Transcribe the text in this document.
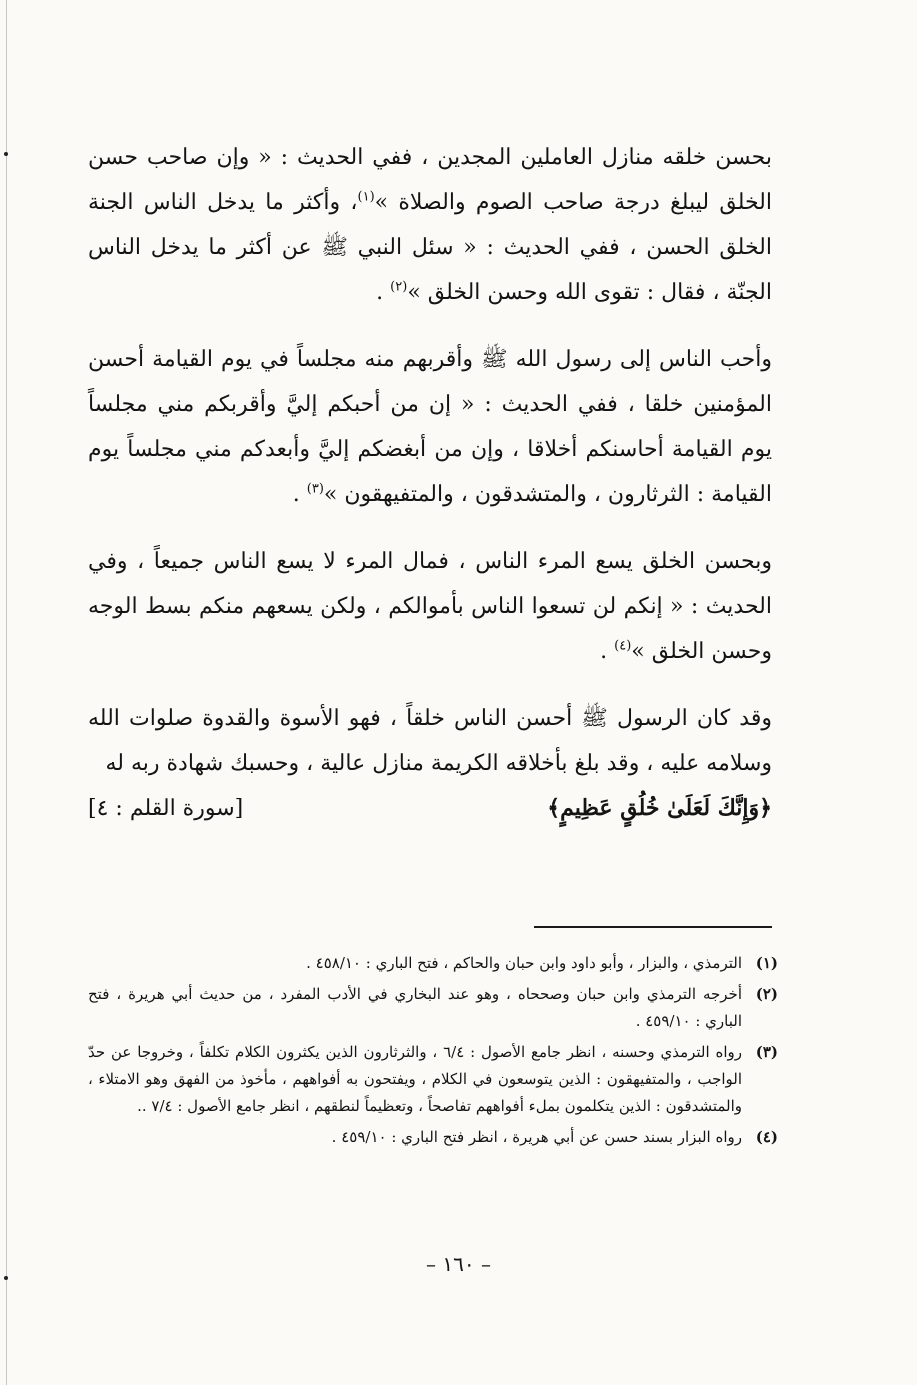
بحسن خلقه منازل العاملين المجدين ، ففي الحديث : « وإن صاحب حسن الخلق ليبلغ درجة صاحب الصوم والصلاة »$^{(١)}$، وأكثر ما يدخل الناس الجنة الخلق الحسن ، ففي الحديث : « سئل النبي ﷺ عن أكثر ما يدخل الناس الجنّة ، فقال : تقوى الله وحسن الخلق »$^{(٢)}$ .

وأحب الناس إلى رسول الله ﷺ وأقربهم منه مجلساً في يوم القيامة أحسن المؤمنين خلقا ، ففي الحديث : « إن من أحبكم إليَّ وأقربكم مني مجلساً يوم القيامة أحاسنكم أخلاقا ، وإن من أبغضكم إليَّ وأبعدكم مني مجلساً يوم القيامة : الثرثارون ، والمتشدقون ، والمتفيهقون »$^{(٣)}$ .

وبحسن الخلق يسع المرء الناس ، فمال المرء لا يسع الناس جميعاً ، وفي الحديث : « إنكم لن تسعوا الناس بأموالكم ، ولكن يسعهم منكم بسط الوجه وحسن الخلق »$^{(٤)}$ .

وقد كان الرسول ﷺ أحسن الناس خلقاً ، فهو الأسوة والقدوة صلوات الله وسلامه عليه ، وقد بلغ بأخلاقه الكريمة منازل عالية ، وحسبك شهادة ربه له

﴿وَإِنَّكَ لَعَلَىٰ خُلُقٍ عَظِيمٍ﴾
[سورة القلم : ٤]
(١)
الترمذي ، والبزار ، وأبو داود وابن حبان والحاكم ، فتح الباري : ٤٥٨/١٠ .
(٢)
أخرجه الترمذي وابن حبان وصححاه ، وهو عند البخاري في الأدب المفرد ، من حديث أبي هريرة ، فتح الباري : ٤٥٩/١٠ .
(٣)
رواه الترمذي وحسنه ، انظر جامع الأصول : ٦/٤ ، والثرثارون الذين يكثرون الكلام تكلفاً ، وخروجا عن حدّ الواجب ، والمتفيهقون : الذين يتوسعون في الكلام ، ويفتحون به أفواههم ، مأخوذ من الفهق وهو الامتلاء ، والمتشدقون : الذين يتكلمون بملء أفواههم تفاصحاً ، وتعظيماً لنطقهم ، انظر جامع الأصول : ٧/٤ ..
(٤)
رواه البزار بسند حسن عن أبي هريرة ، انظر فتح الباري : ٤٥٩/١٠ .
– ١٦٠ –
